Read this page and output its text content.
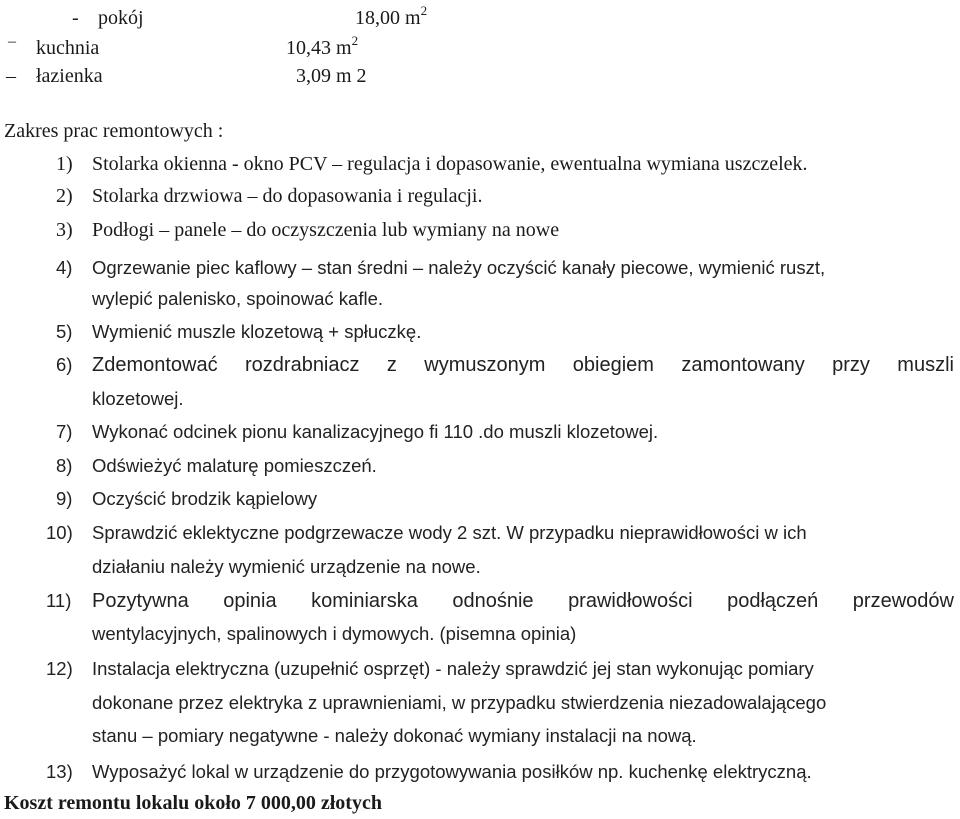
- pokój	18,00 $m^2$
– kuchnia	10,43 $m^2$
– łazienka	3,09 m 2
Zakres prac remontowych :
1) Stolarka okienna - okno PCV – regulacja i dopasowanie, ewentualna wymiana uszczelek.
2) Stolarka drzwiowa – do dopasowania i regulacji.
3) Podłogi – panele – do oczyszczenia lub wymiany na nowe
4) Ogrzewanie piec kaflowy – stan średni – należy oczyścić kanały piecowe, wymienić ruszt,
wylepić palenisko, spoinować kafle.
5) Wymienić muszle klozetową + spłuczkę.
6) Zdemontować rozdrabniacz z wymuszonym obiegiem zamontowany przy muszli
klozetowej.
7) Wykonać odcinek pionu kanalizacyjnego fi 110 .do muszli klozetowej.
8) Odświeżyć malaturę pomieszczeń.
9) Oczyścić brodzik kąpielowy
10) Sprawdzić eklektyczne podgrzewacze wody 2 szt. W przypadku nieprawidłowości w ich
działaniu należy wymienić urządzenie na nowe.
11) Pozytywna opinia kominiarska odnośnie prawidłowości podłączeń przewodów
wentylacyjnych, spalinowych i dymowych. (pisemna opinia)
12) Instalacja elektryczna (uzupełnić osprzęt) - należy sprawdzić jej stan wykonując pomiary
dokonane przez elektryka z uprawnieniami, w przypadku stwierdzenia niezadowalającego
stanu – pomiary negatywne - należy dokonać wymiany instalacji na nową.
13) Wyposażyć lokal w urządzenie do przygotowywania posiłków np. kuchenkę elektryczną.
Koszt remontu lokalu około 7 000,00 złotych
